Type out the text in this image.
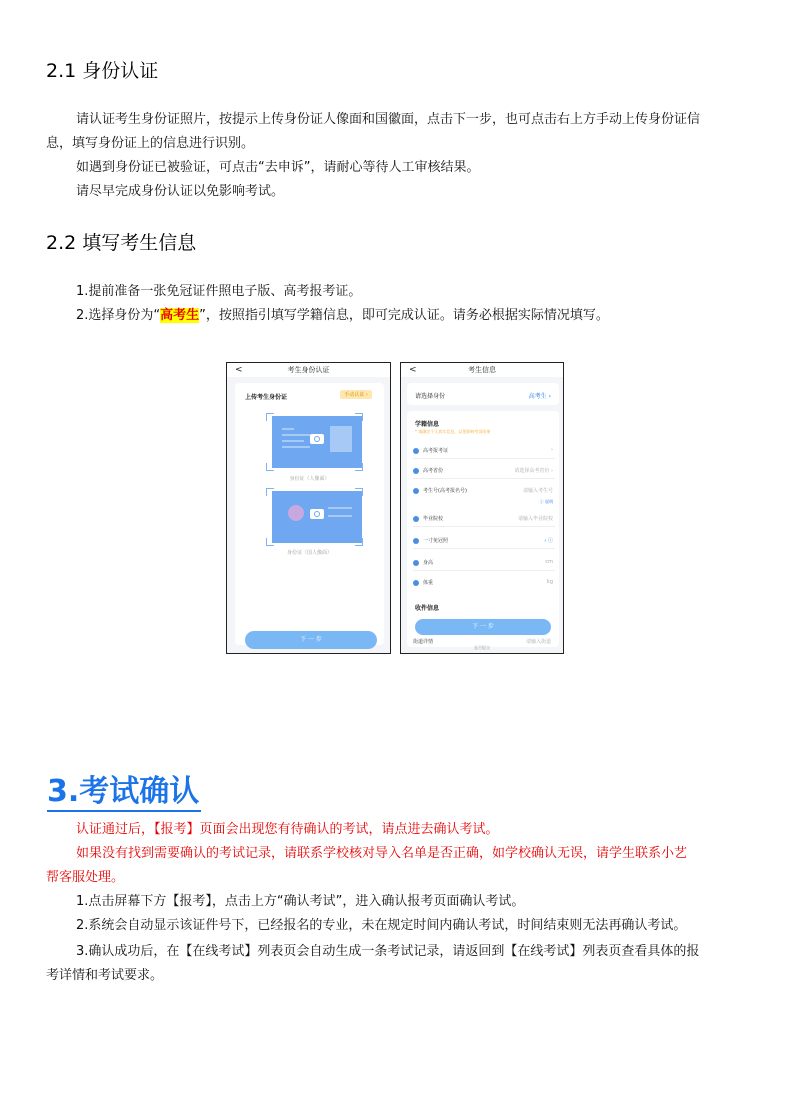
2.1 身份认证
请认证考生身份证照片，按提示上传身份证人像面和国徽面，点击下一步，也可点击右上方手动上传身份证信
息，填写身份证上的信息进行识别。
如遇到身份证已被验证，可点击“去申诉”，请耐心等待人工审核结果。
请尽早完成身份认证以免影响考试。
2.2 填写考生信息
1.提前准备一张免冠证件照电子版、高考报考证。
2.选择身份为“高考生”，按照指引填写学籍信息，即可完成认证。请务必根据实际情况填写。
<	考生身份认证
上传考生身份证	手动认证 ›
身份证（人像面）
身份证（国人像面）
下 一 步
<	考生信息
请选择身份	高考生 ›
学籍信息
* 请确定个人真实信息，以免影响考试结果
高考报考证	›
高考省份	请选择高考省份 ›
考生号(高考报名号)	请输入考生号
ⓘ 说明
毕业院校	请输入毕业院校
一寸免冠照	› ⓘ
身高	cm
体重	kg
收件信息
下 一 步
街道详情	请输入街道
是否提交
3.考试确认
认证通过后，【报考】页面会出现您有待确认的考试，请点进去确认考试。
如果没有找到需要确认的考试记录，请联系学校核对导入名单是否正确，如学校确认无误，请学生联系小艺
帮客服处理。
1.点击屏幕下方【报考】，点击上方“确认考试”，进入确认报考页面确认考试。
2.系统会自动显示该证件号下，已经报名的专业，未在规定时间内确认考试，时间结束则无法再确认考试。
3.确认成功后，在【在线考试】列表页会自动生成一条考试记录，请返回到【在线考试】列表页查看具体的报
考详情和考试要求。
